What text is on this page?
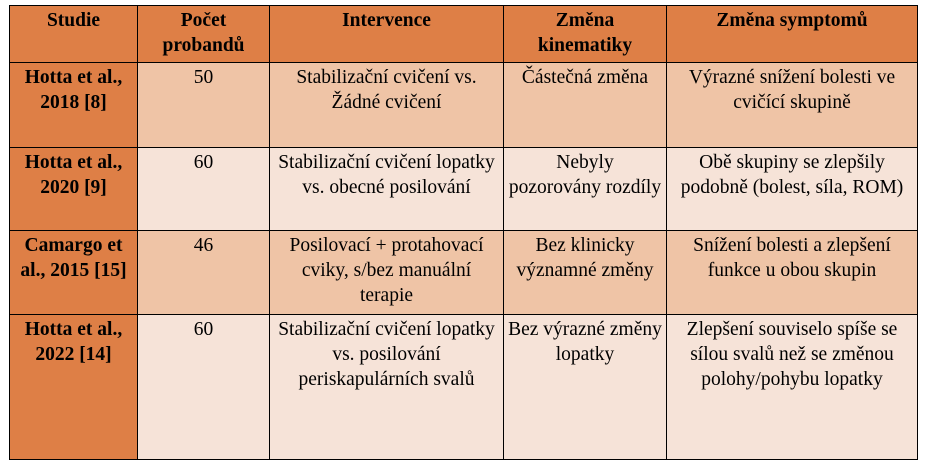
Studie	Počet probandů	Intervence	Změna kinematiky	Změna symptomů
Hotta et al., 2018 [8]	50	Stabilizační cvičení vs. Žádné cvičení	Částečná změna	Výrazné snížení bolesti ve cvičící skupině
Hotta et al., 2020 [9]	60	Stabilizační cvičení lopatky vs. obecné posilování	Nebyly pozorovány rozdíly	Obě skupiny se zlepšily podobně (bolest, síla, ROM)
Camargo et al., 2015 [15]	46	Posilovací + protahovací cviky, s/bez manuální terapie	Bez klinicky významné změny	Snížení bolesti a zlepšení funkce u obou skupin
Hotta et al., 2022 [14]	60	Stabilizační cvičení lopatky vs. posilování periskapulárních svalů	Bez výrazné změny lopatky	Zlepšení souviselo spíše se sílou svalů než se změnou polohy/pohybu lopatky
